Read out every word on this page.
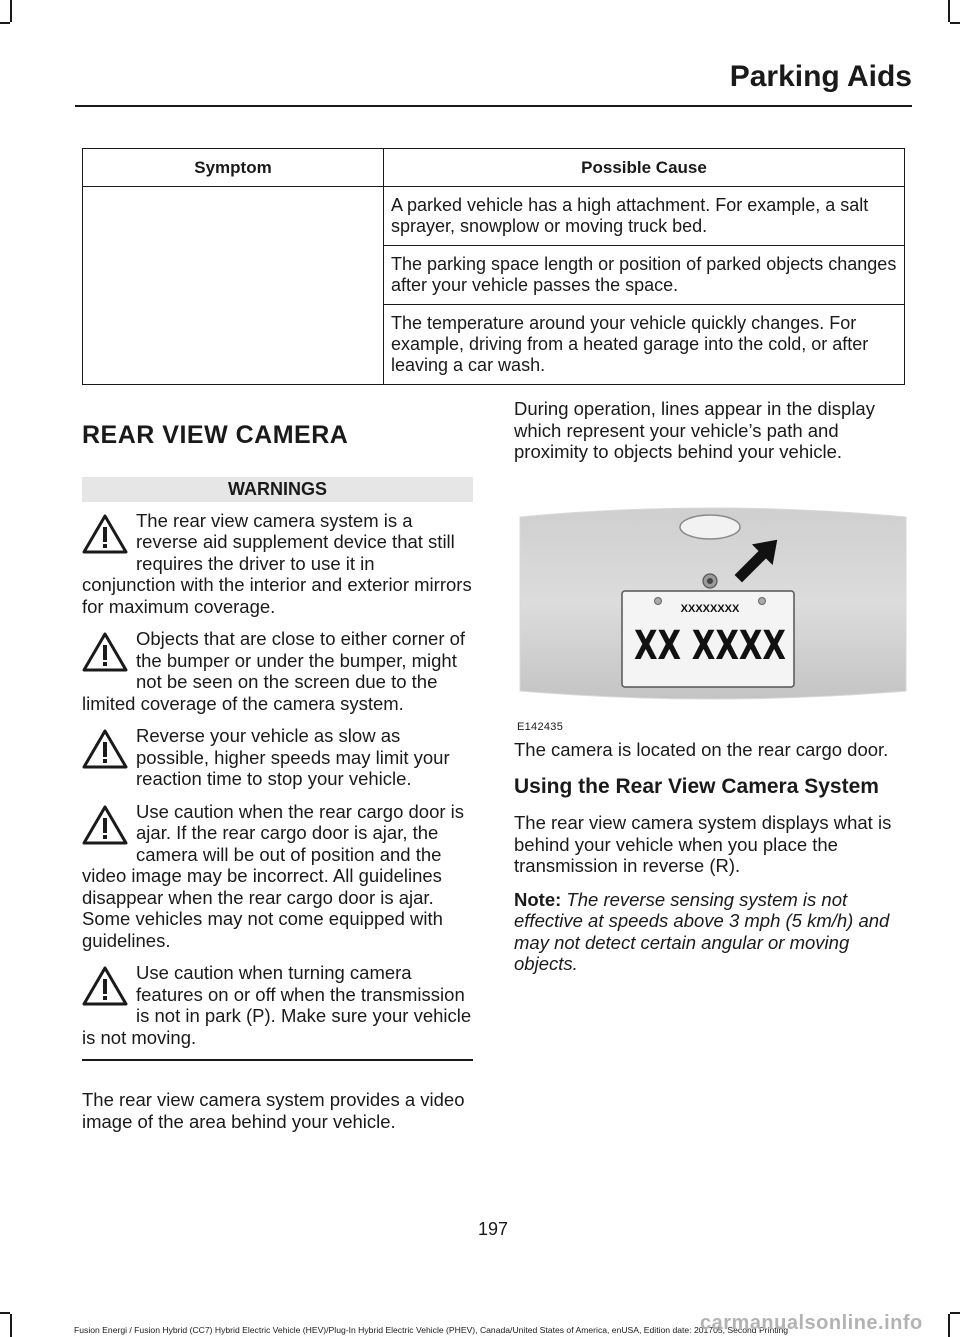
Parking Aids
Symptom	Possible Cause
	A parked vehicle has a high attachment. For example, a salt sprayer, snowplow or moving truck bed.
	The parking space length or position of parked objects changes after your vehicle passes the space.
	The temperature around your vehicle quickly changes. For example, driving from a heated garage into the cold, or after leaving a car wash.
REAR VIEW CAMERA
WARNINGS

The rear view camera system is a reverse aid supplement device that still requires the driver to use it in conjunction with the interior and exterior mirrors for maximum coverage.

Objects that are close to either corner of the bumper or under the bumper, might not be seen on the screen due to the limited coverage of the camera system.

Reverse your vehicle as slow as possible, higher speeds may limit your reaction time to stop your vehicle.

Use caution when the rear cargo door is ajar. If the rear cargo door is ajar, the camera will be out of position and the video image may be incorrect. All guidelines disappear when the rear cargo door is ajar. Some vehicles may not come equipped with guidelines.

Use caution when turning camera features on or off when the transmission is not in park (P). Make sure your vehicle is not moving.

The rear view camera system provides a video image of the area behind your vehicle.

During operation, lines appear in the display which represent your vehicle’s path and proximity to objects behind your vehicle.

XXXXXXXX
XX XXXX
E142435

The camera is located on the rear cargo door.

Using the Rear View Camera System

The rear view camera system displays what is behind your vehicle when you place the transmission in reverse (R).

Note: The reverse sensing system is not effective at speeds above 3 mph (5 km/h) and may not detect certain angular or moving objects.

197
Fusion Energi / Fusion Hybrid (CC7) Hybrid Electric Vehicle (HEV)/Plug-In Hybrid Electric Vehicle (PHEV), Canada/United States of America, enUSA, Edition date: 201705, Second Printing
carmanualsonline.info
